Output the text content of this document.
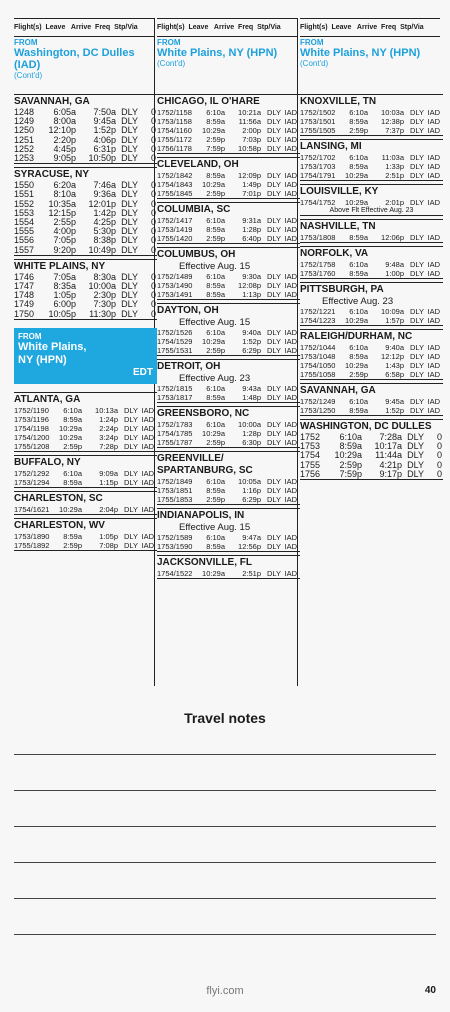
Flight(s)  Leave   Arrive  Freq  Stp/Via	Flight(s)  Leave   Arrive  Freq  Stp/Via	Flight(s)  Leave   Arrive  Freq  Stp/Via
FROM
Washington, DC Dulles (IAD)
(Cont'd)
SAVANNAH, GA
1248	6:05a	7:50a DLY	0
1249	8:00a	9:45a DLY	0
1250	12:10p	1:52p DLY	0
1251	2:20p	4:06p DLY	0
1252	4:45p	6:31p DLY	0
1253	9:05p	10:50p DLY	0
SYRACUSE, NY
1550	6:20a	7:46a DLY	0
1551	8:10a	9:36a DLY	0
1552	10:35a	12:01p DLY	0
1553	12:15p	1:42p DLY	0
1554	2:55p	4:25p DLY	0
1555	4:00p	5:30p DLY	0
1556	7:05p	8:38p DLY	0
1557	9:20p	10:49p DLY	0
WHITE PLAINS, NY
1746	7:05a	8:30a DLY	0
1747	8:35a	10:00a DLY	0
1748	1:05p	2:30p DLY	0
1749	6:00p	7:30p DLY	0
1750	10:05p	11:30p DLY	0
FROM
White Plains,
NY (HPN)
EDT
ATLANTA, GA
1752/1190	6:10a	10:13a DLY IAD
1753/1196	8:59a	1:24p DLY IAD
1754/1198	10:29a	2:24p DLY IAD
1754/1200	10:29a	3:24p DLY IAD
1755/1208	2:59p	7:28p DLY IAD
BUFFALO, NY
1752/1292	6:10a	9:09a DLY IAD
1753/1294	8:59a	1:15p DLY IAD
CHARLESTON, SC
1754/1621	10:29a	2:04p DLY IAD
CHARLESTON, WV
1753/1890	8:59a	1:05p DLY IAD
1755/1892	2:59p	7:08p DLY IAD
FROM
White Plains, NY (HPN)
(Cont'd)
CHICAGO, IL O'HARE
1752/1158	6:10a	10:21a DLY IAD
1753/1158	8:59a	11:56a DLY IAD
1754/1160	10:29a	2:00p DLY IAD
1755/1172	2:59p	7:03p DLY IAD
1756/1178	7:59p	10:58p DLY IAD
CLEVELAND, OH
1752/1842	8:59a	12:09p DLY IAD
1754/1843	10:29a	1:49p DLY IAD
1755/1845	2:59p	7:01p DLY IAD
COLUMBIA, SC
1752/1417	6:10a	9:31a DLY IAD
1753/1419	8:59a	1:28p DLY IAD
1755/1420	2:59p	6:40p DLY IAD
COLUMBUS, OH
Effective Aug. 15
1752/1489	6:10a	9:30a DLY IAD
1753/1490	8:59a	12:08p DLY IAD
1753/1491	8:59a	1:13p DLY IAD
DAYTON, OH
Effective Aug. 15
1752/1526	6:10a	9:40a DLY IAD
1754/1529	10:29a	1:52p DLY IAD
1755/1531	2:59p	6:29p DLY IAD
DETROIT, OH
Effective Aug. 23
1752/1815	6:10a	9:43a DLY IAD
1753/1817	8:59a	1:48p DLY IAD
GREENSBORO, NC
1752/1783	6:10a	10:00a DLY IAD
1754/1785	10:29a	1:28p DLY IAD
1755/1787	2:59p	6:30p DLY IAD
GREENVILLE/ SPARTANBURG, SC
1752/1849	6:10a	10:05a DLY IAD
1753/1851	8:59a	1:16p DLY IAD
1755/1853	2:59p	6:29p DLY IAD
INDIANAPOLIS, IN
Effective Aug. 15
1752/1589	6:10a	9:47a DLY IAD
1753/1590	8:59a	12:56p DLY IAD
JACKSONVILLE, FL
1754/1522	10:29a	2:51p DLY IAD
FROM
White Plains, NY (HPN)
(Cont'd)
KNOXVILLE, TN
1752/1502	6:10a	10:03a DLY IAD
1753/1501	8:59a	12:38p DLY IAD
1755/1505	2:59p	7:37p DLY IAD
LANSING, MI
1752/1702	6:10a	11:03a DLY IAD
1753/1703	8:59a	1:33p DLY IAD
1754/1791	10:29a	2:51p DLY IAD
LOUISVILLE, KY
1754/1752	10:29a	2:01p DLY IAD
Above Flt Effective Aug. 23
NASHVILLE, TN
1753/1808	8:59a	12:06p DLY IAD
NORFOLK, VA
1752/1758	6:10a	9:48a DLY IAD
1753/1760	8:59a	1:00p DLY IAD
PITTSBURGH, PA
Effective Aug. 23
1752/1221	6:10a	10:09a DLY IAD
1754/1223	10:29a	1:57p DLY IAD
RALEIGH/DURHAM, NC
1752/1044	6:10a	9:40a DLY IAD
1753/1048	8:59a	12:12p DLY IAD
1754/1050	10:29a	1:43p DLY IAD
1755/1058	2:59p	6:58p DLY IAD
SAVANNAH, GA
1752/1249	6:10a	9:45a DLY IAD
1753/1250	8:59a	1:52p DLY IAD
WASHINGTON, DC DULLES
1752	6:10a	7:28a DLY	0
1753	8:59a	10:17a DLY	0
1754	10:29a	11:44a DLY	0
1755	2:59p	4:21p DLY	0
1756	7:59p	9:17p DLY	0
Travel notes
flyi.com	40
